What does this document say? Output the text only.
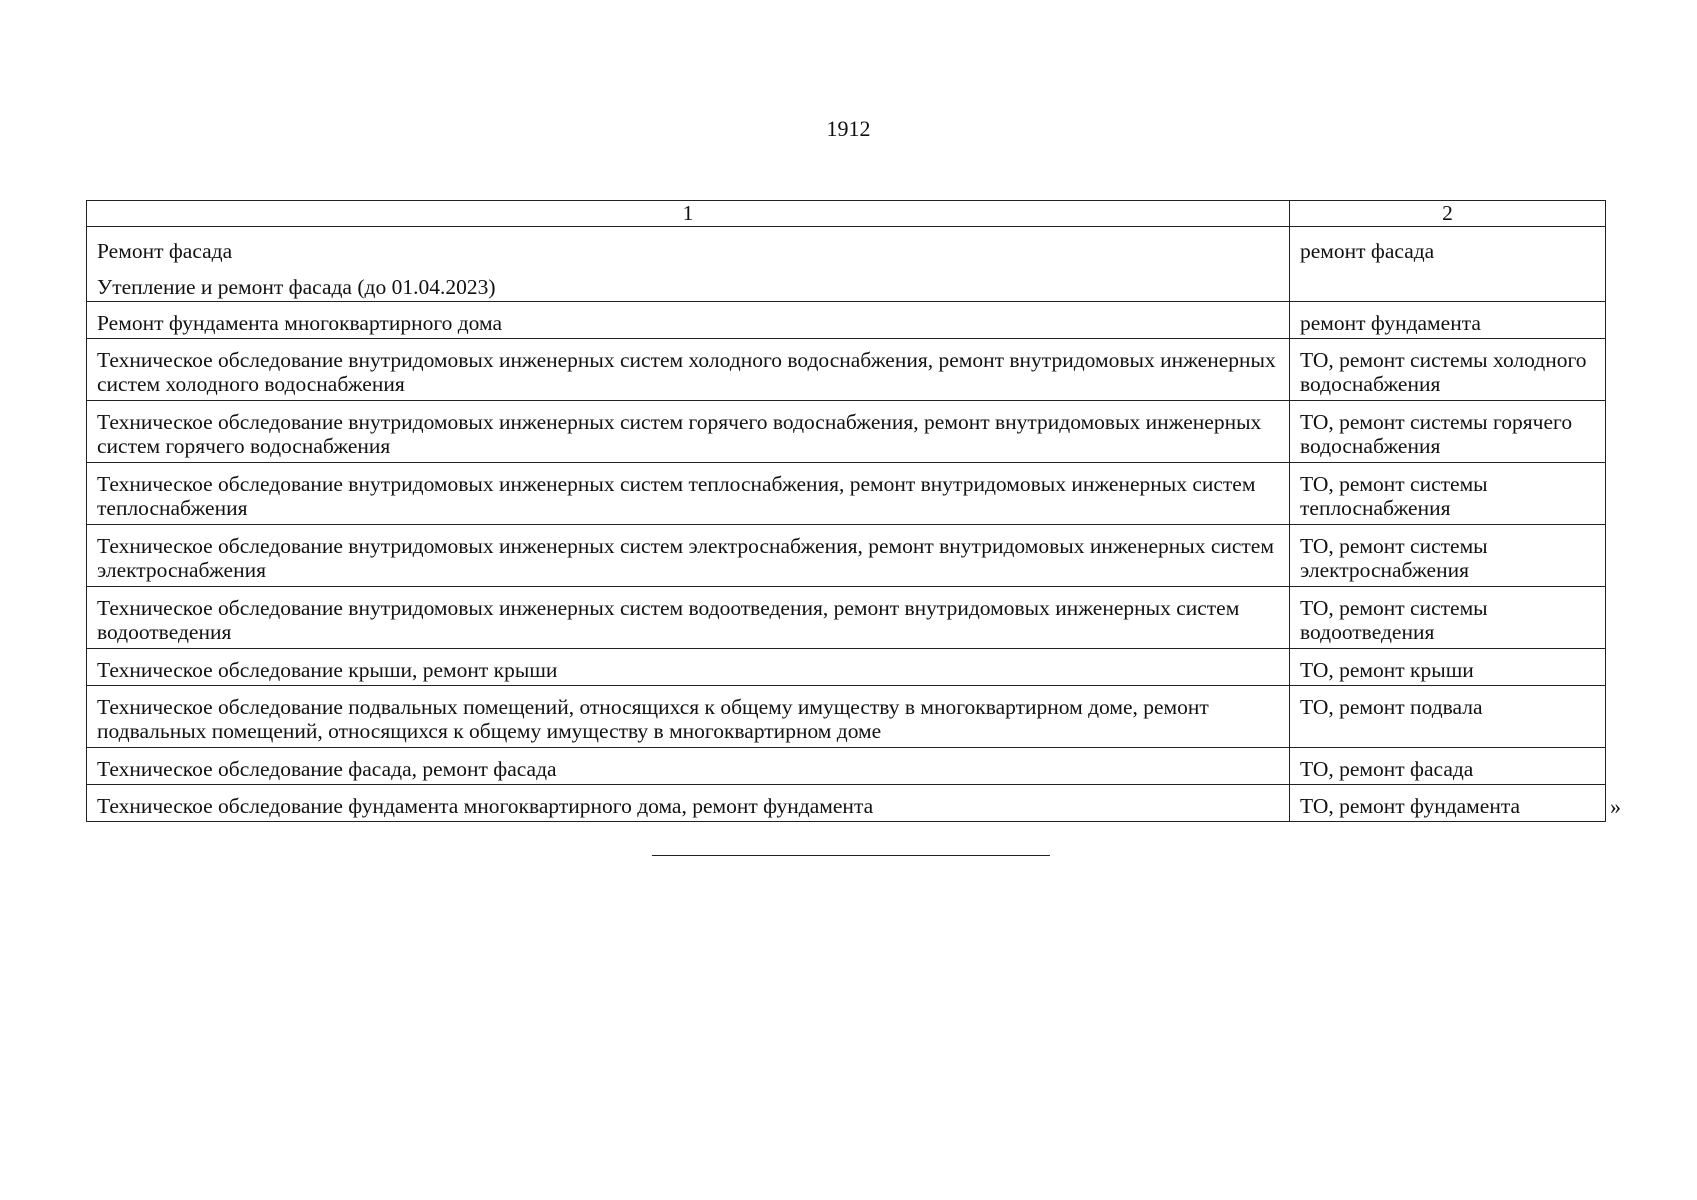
1912
1	2

Ремонт фасада
Утепление и ремонт фасада (до 01.04.2023)	ремонт фасада
Ремонт фундамента многоквартирного дома	ремонт фундамента
Техническое обследование внутридомовых инженерных систем холодного водоснабжения, ремонт внутридомовых инженерных систем холодного водоснабжения	ТО, ремонт системы холодного водоснабжения
Техническое обследование внутридомовых инженерных систем горячего водоснабжения, ремонт внутридомовых инженерных систем горячего водоснабжения	ТО, ремонт системы горячего водоснабжения
Техническое обследование внутридомовых инженерных систем теплоснабжения, ремонт внутридомовых инженерных систем теплоснабжения	ТО, ремонт системы теплоснабжения
Техническое обследование внутридомовых инженерных систем электроснабжения, ремонт внутридомовых инженерных систем электроснабжения	ТО, ремонт системы электроснабжения
Техническое обследование внутридомовых инженерных систем водоотведения, ремонт внутридомовых инженерных систем водоотведения	ТО, ремонт системы водоотведения
Техническое обследование крыши, ремонт крыши	ТО, ремонт крыши
Техническое обследование подвальных помещений, относящихся к общему имуществу в многоквартирном доме, ремонт подвальных помещений, относящихся к общему имуществу в многоквартирном доме	ТО, ремонт подвала
Техническое обследование фасада, ремонт фасада	ТО, ремонт фасада
Техническое обследование фундамента многоквартирного дома, ремонт фундамента	ТО, ремонт фундамента	»
